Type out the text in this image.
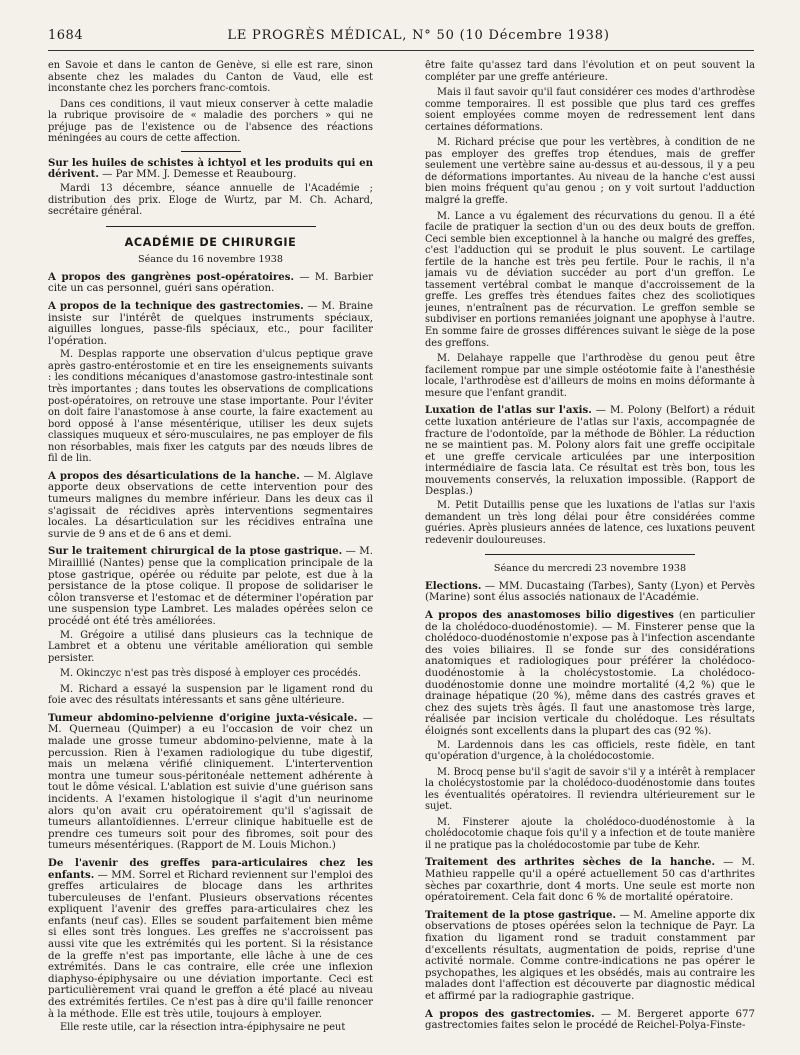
1684	LE PROGRÈS MÉDICAL, N° 50 (10 Décembre 1938)

en Savoie et dans le canton de Genève, si elle est rare, sinon absente chez les malades du Canton de Vaud, elle est inconstante chez les porchers franc-comtois.

Dans ces conditions, il vaut mieux conserver à cette maladie la rubrique provisoire de « maladie des porchers » qui ne préjuge pas de l'existence ou de l'absence des réactions méningées au cours de cette affection.

Sur les huiles de schistes à ichtyol et les produits qui en dérivent. — Par MM. J. Demesse et Reaubourg.

Mardi 13 décembre, séance annuelle de l'Académie ; distribution des prix. Eloge de Wurtz, par M. Ch. Achard, secrétaire général.

ACADÉMIE DE CHIRURGIE
Séance du 16 novembre 1938
A propos des gangrènes post-opératoires. — M. Barbier cite un cas personnel, guéri sans opération.
A propos de la technique des gastrectomies. — M. Braine insiste sur l'intérêt de quelques instruments spéciaux, aiguilles longues, passe-fils spéciaux, etc., pour faciliter l'opération.

M. Desplas rapporte une observation d'ulcus peptique grave après gastro-entérostomie et en tire les enseignements suivants : les conditions mécaniques d'anastomose gastro-intestinale sont très importantes ; dans toutes les observations de complications post-opératoires, on retrouve une stase importante. Pour l'éviter on doit faire l'anastomose à anse courte, la faire exactement au bord opposé à l'anse mésentérique, utiliser les deux sujets classiques muqueux et séro-musculaires, ne pas employer de fils non résorbables, mais fixer les catguts par des nœuds libres de fil de lin.

A propos des désarticulations de la hanche. — M. Alglave apporte deux observations de cette intervention pour des tumeurs malignes du membre inférieur. Dans les deux cas il s'agissait de récidives après interventions segmentaires locales. La désarticulation sur les récidives entraîna une survie de 9 ans et de 6 ans et demi.
Sur le traitement chirurgical de la ptose gastrique. — M. Mirailllié (Nantes) pense que la complication principale de la ptose gastrique, opérée ou réduite par pelote, est due à la persistance de la ptose colique. Il propose de solidariser le côlon transverse et l'estomac et de déterminer l'opération par une suspension type Lambret. Les malades opérées selon ce procédé ont été très améliorées.

M. Grégoire a utilisé dans plusieurs cas la technique de Lambret et a obtenu une véritable amélioration qui semble persister.

M. Okinczyc n'est pas très disposé à employer ces procédés.

M. Richard a essayé la suspension par le ligament rond du foie avec des résultats intéressants et sans gêne ultérieure.

Tumeur abdomino-pelvienne d'origine juxta-vésicale. — M. Querneau (Quimper) a eu l'occasion de voir chez un malade une grosse tumeur abdomino-pelvienne, mate à la percussion. Rien à l'examen radiologique du tube digestif, mais un melæna vérifié cliniquement. L'intertervention montra une tumeur sous-péritonéale nettement adhérente à tout le dôme vésical. L'ablation est suivie d'une guérison sans incidents. A l'examen histologique il s'agit d'un neurinome alors qu'on avait cru opératoirement qu'il s'agissait de tumeurs allantoïdiennes. L'erreur clinique habituelle est de prendre ces tumeurs soit pour des fibromes, soit pour des tumeurs mésentériques. (Rapport de M. Louis Michon.)
De l'avenir des greffes para-articulaires chez les enfants. — MM. Sorrel et Richard reviennent sur l'emploi des greffes articulaires de blocage dans les arthrites tuberculeuses de l'enfant. Plusieurs observations récentes expliquent l'avenir des greffes para-articulaires chez les enfants (neuf cas). Elles se soudent parfaitement bien même si elles sont très longues. Les greffes ne s'accroissent pas aussi vite que les extrémités qui les portent. Si la résistance de la greffe n'est pas importante, elle lâche à une de ces extrémités. Dans le cas contraire, elle crée une inflexion diaphyso-épiphysaire ou une déviation importante. Ceci est particulièrement vrai quand le greffon a été placé au niveau des extrémités fertiles. Ce n'est pas à dire qu'il faille renoncer à la méthode. Elle est très utile, toujours à employer.

Elle reste utile, car la résection intra-épiphysaire ne peut

être faite qu'assez tard dans l'évolution et on peut souvent la compléter par une greffe antérieure.

Mais il faut savoir qu'il faut considérer ces modes d'arthrodèse comme temporaires. Il est possible que plus tard ces greffes soient employées comme moyen de redressement lent dans certaines déformations.

M. Richard précise que pour les vertèbres, à condition de ne pas employer des greffes trop étendues, mais de greffer seulement une vertèbre saine au-dessus et au-dessous, il y a peu de déformations importantes. Au niveau de la hanche c'est aussi bien moins fréquent qu'au genou ; on y voit surtout l'adduction malgré la greffe.

M. Lance a vu également des récurvations du genou. Il a été facile de pratiquer la section d'un ou des deux bouts de greffon. Ceci semble bien exceptionnel à la hanche ou malgré des greffes, c'est l'adduction qui se produit le plus souvent. Le cartilage fertile de la hanche est très peu fertile. Pour le rachis, il n'a jamais vu de déviation succéder au port d'un greffon. Le tassement vertébral combat le manque d'accroissement de la greffe. Les greffes très étendues faites chez des scoliotiques jeunes, n'entraînent pas de récurvation. Le greffon semble se subdiviser en portions remaniées joignant une apophyse à l'autre. En somme faire de grosses différences suivant le siège de la pose des greffons.

M. Delahaye rappelle que l'arthrodèse du genou peut être facilement rompue par une simple ostéotomie faite à l'anesthésie locale, l'arthrodèse est d'ailleurs de moins en moins déformante à mesure que l'enfant grandit.

Luxation de l'atlas sur l'axis. — M. Polony (Belfort) a réduit cette luxation antérieure de l'atlas sur l'axis, accompagnée de fracture de l'odontoïde, par la méthode de Böhler. La réduction ne se maintient pas. M. Polony alors fait une greffe occipitale et une greffe cervicale articulées par une interposition intermédiaire de fascia lata. Ce résultat est très bon, tous les mouvements conservés, la reluxation impossible. (Rapport de Desplas.)

M. Petit Dutaillis pense que les luxations de l'atlas sur l'axis demandent un très long délai pour être considérées comme guéries. Après plusieurs années de latence, ces luxations peuvent redevenir douloureuses.

Séance du mercredi 23 novembre 1938
Elections. — MM. Ducastaing (Tarbes), Santy (Lyon) et Pervès (Marine) sont élus associés nationaux de l'Académie.
A propos des anastomoses bilio digestives (en particulier de la cholédoco-duodénostomie). — M. Finsterer pense que la cholédoco-duodénostomie n'expose pas à l'infection ascendante des voies biliaires. Il se fonde sur des considérations anatomiques et radiologiques pour préférer la cholédoco-duodénostomie à la cholécystostomie. La cholédoco-duodénostomie donne une moindre mortalité (4,2 %) que le drainage hépatique (20 %), même dans des castrés graves et chez des sujets très âgés. Il faut une anastomose très large, réalisée par incision verticale du cholédoque. Les résultats éloignés sont excellents dans la plupart des cas (92 %).

M. Lardennois dans les cas officiels, reste fidèle, en tant qu'opération d'urgence, à la cholédocostomie.

M. Brocq pense bu'il s'agit de savoir s'il y a intérêt à remplacer la cholécystostomie par la cholédoco-duodénostomie dans toutes les éventualités opératoires. Il reviendra ultérieurement sur le sujet.

M. Finsterer ajoute la cholédoco-duodénostomie à la cholédocotomie chaque fois qu'il y a infection et de toute manière il ne pratique pas la cholédocostomie par tube de Kehr.

Traitement des arthrites sèches de la hanche. — M. Mathieu rappelle qu'il a opéré actuellement 50 cas d'arthrites sèches par coxarthrie, dont 4 morts. Une seule est morte non opératoirement. Cela fait donc 6 % de mortalité opératoire.
Traitement de la ptose gastrique. — M. Ameline apporte dix observations de ptoses opérées selon la technique de Payr. La fixation du ligament rond se traduit constamment par d'excellents résultats, augmentation de poids, reprise d'une activité normale. Comme contre-indications ne pas opérer le psychopathes, les algiques et les obsédés, mais au contraire les malades dont l'affection est découverte par diagnostic médical et affirmé par la radiographie gastrique.
A propos des gastrectomies. — M. Bergeret apporte 677 gastrectomies faites selon le procédé de Reichel-Polya-Finste-
